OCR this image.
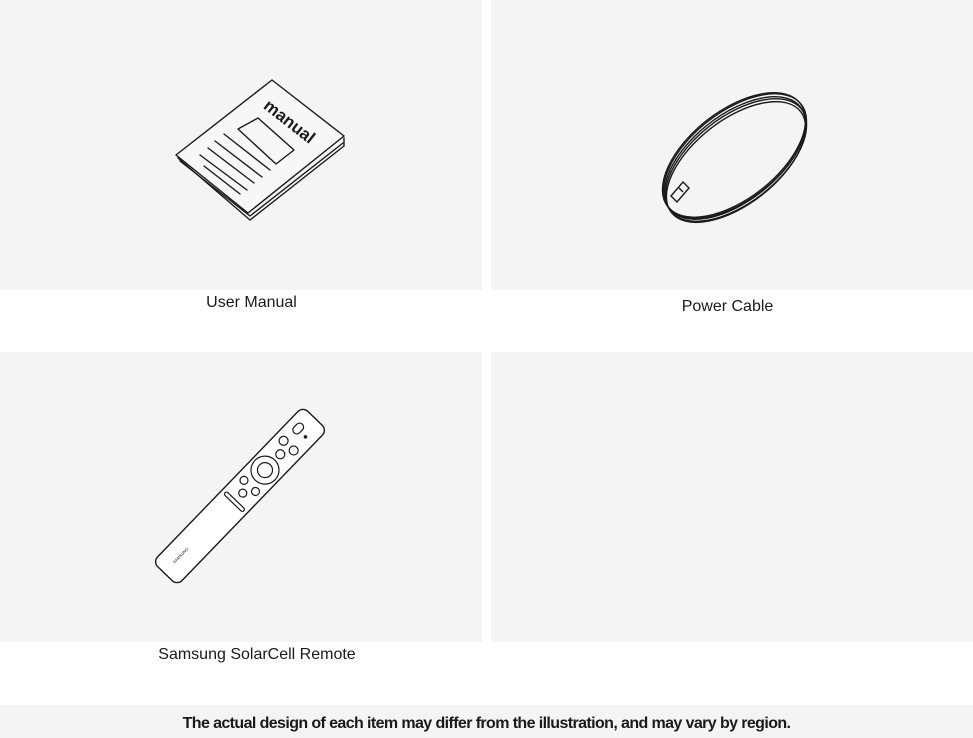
manual
User Manual	Power Cable
SAMSUNG
Samsung SolarCell Remote
The actual design of each item may differ from the illustration, and may vary by region.
